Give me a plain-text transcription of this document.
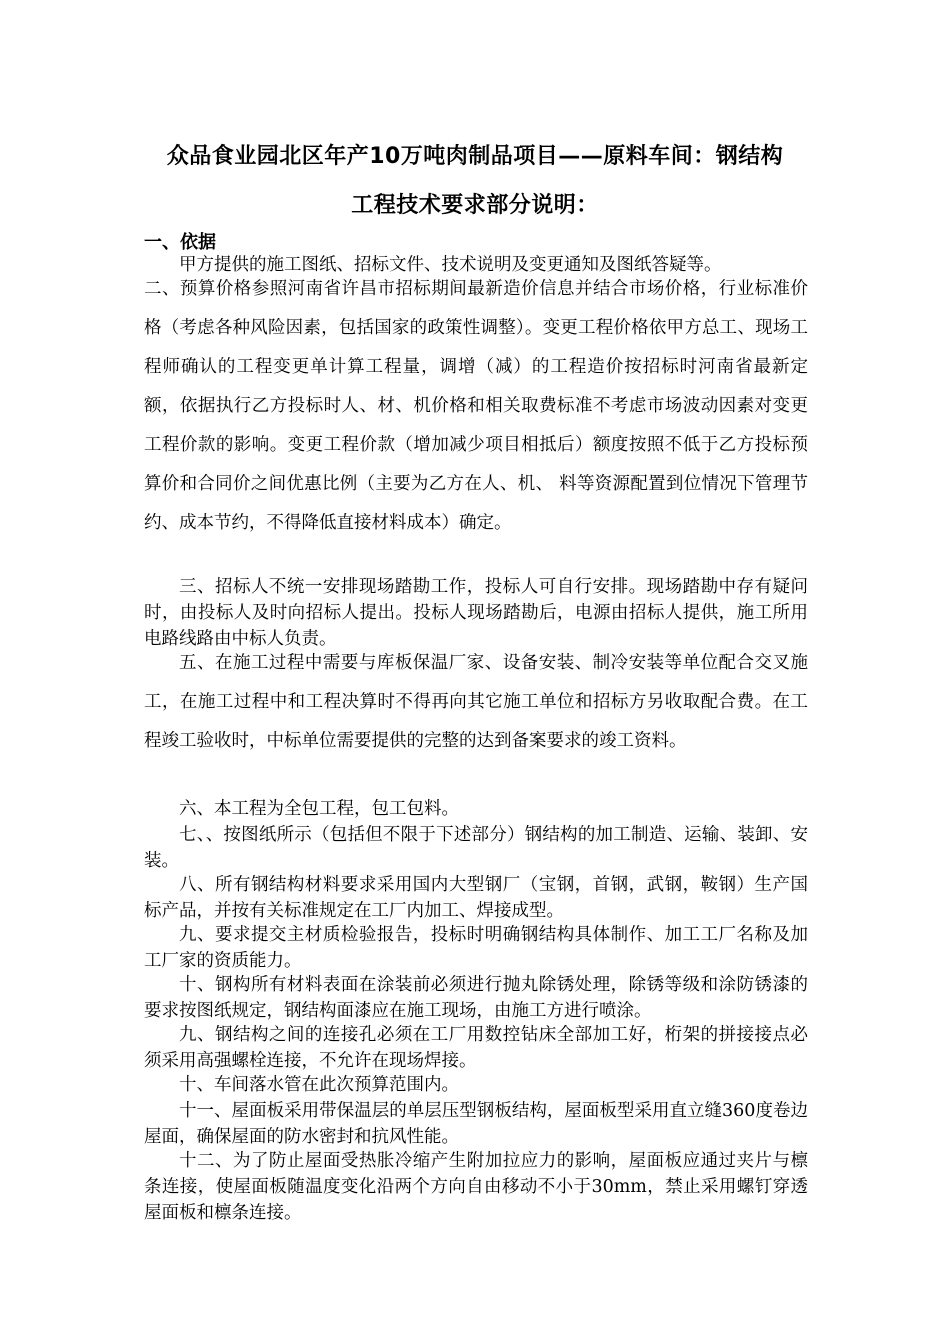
众品食业园北区年产10万吨肉制品项目——原料车间：钢结构
工程技术要求部分说明：
一、依据

甲方提供的施工图纸、招标文件、技术说明及变更通知及图纸答疑等。

二、预算价格参照河南省许昌市招标期间最新造价信息并结合市场价格，行业标准价格（考虑各种风险因素，包括国家的政策性调整）。变更工程价格依甲方总工、现场工程师确认的工程变更单计算工程量，调增（减）的工程造价按招标时河南省最新定额，依据执行乙方投标时人、材、机价格和相关取费标准不考虑市场波动因素对变更工程价款的影响。变更工程价款（增加减少项目相抵后）额度按照不低于乙方投标预算价和合同价之间优惠比例（主要为乙方在人、机、 料等资源配置到位情况下管理节约、成本节约，不得降低直接材料成本）确定。

三、招标人不统一安排现场踏勘工作，投标人可自行安排。现场踏勘中存有疑问时，由投标人及时向招标人提出。投标人现场踏勘后，电源由招标人提供，施工所用电路线路由中标人负责。

五、在施工过程中需要与库板保温厂家、设备安装、制冷安装等单位配合交叉施工，在施工过程中和工程决算时不得再向其它施工单位和招标方另收取配合费。在工程竣工验收时，中标单位需要提供的完整的达到备案要求的竣工资料。

六、本工程为全包工程，包工包料。

七、、按图纸所示（包括但不限于下述部分）钢结构的加工制造、运输、装卸、安装。

八、所有钢结构材料要求采用国内大型钢厂（宝钢，首钢，武钢，鞍钢）生产国标产品，并按有关标准规定在工厂内加工、焊接成型。

九、要求提交主材质检验报告，投标时明确钢结构具体制作、加工工厂名称及加工厂家的资质能力。

十、钢构所有材料表面在涂装前必须进行抛丸除锈处理，除锈等级和涂防锈漆的要求按图纸规定，钢结构面漆应在施工现场，由施工方进行喷涂。

九、钢结构之间的连接孔必须在工厂用数控钻床全部加工好，桁架的拼接接点必须采用高强螺栓连接，不允许在现场焊接。

十、车间落水管在此次预算范围内。

十一、屋面板采用带保温层的单层压型钢板结构，屋面板型采用直立缝360度卷边屋面，确保屋面的防水密封和抗风性能。

十二、为了防止屋面受热胀冷缩产生附加拉应力的影响，屋面板应通过夹片与檩条连接，使屋面板随温度变化沿两个方向自由移动不小于30mm，禁止采用螺钉穿透屋面板和檩条连接。
